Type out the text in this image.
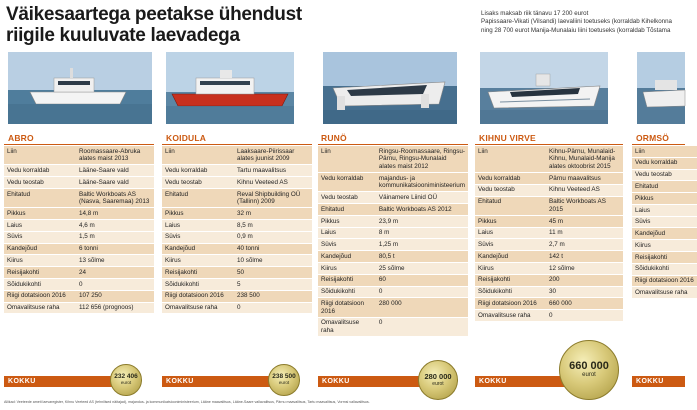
Väikesaartega peetakse ühendust
riigile kuuluvate laevadega
Lisaks maksab riik tänavu 17 200 eurot
Papissaare-Vikati (Vilsandi) laevaliini toetuseks (korraldab Kihelkonna
ning 28 700 eurot Manija-Munalaiu liini toetuseks (korraldab Tõstama
ABRO
Liin	Roomassaare-Abruka alates maist 2013
Vedu korraldab	Lääne-Saare vald
Vedu teostab	Lääne-Saare vald
Ehitatud	Baltic Workboats AS (Nasva, Saaremaa) 2013
Pikkus	14,8 m
Laius	4,6 m
Süvis	1,5 m
Kandejõud	6 tonni
Kiirus	13 sõlme
Reisijakohti	24
Sõidukikohti	0
Riigi dotatsioon 2016	107 250
Omavalitsuse raha	112 656 (prognoos)
KOKKU
232 406
eurot
KOIDULA
Liin	Laaksaare-Piirissaar alates juunist 2009
Vedu korraldab	Tartu maavalitsus
Vedu teostab	Kihnu Veeteed AS
Ehitatud	Reval Shipbuilding OÜ (Tallinn) 2009
Pikkus	32 m
Laius	8,5 m
Süvis	0,9 m
Kandejõud	40 tonni
Kiirus	10 sõlme
Reisijakohti	50
Sõidukikohti	5
Riigi dotatsioon 2016	238 500
Omavalitsuse raha	0
KOKKU
238 500
eurot
RUNÖ
Liin	Ringsu-Roomassaare, Ringsu-Pärnu, Ringsu-Munalaid alates maist 2012
Vedu korraldab	majandus- ja kommunikatsiooniministeerium
Vedu teostab	Väinamere Liinid OÜ
Ehitatud	Baltic Workboats AS 2012
Pikkus	23,9 m
Laius	8 m
Süvis	1,25 m
Kandejõud	80,5 t
Kiirus	25 sõlme
Reisijakohti	60
Sõidukikohti	0
Riigi dotatsioon 2016	280 000
Omavalitsuse raha	0
KOKKU	280 000
eurot
KIHNU VIRVE
Liin	Kihnu-Pärnu, Munalaid-Kihnu, Munalaid-Manija alates oktoobrist 2015
Vedu korraldab	Pärnu maavalitsus
Vedu teostab	Kihnu Veeteed AS
Ehitatud	Baltic Workboats AS 2015
Pikkus	45 m
Laius	11 m
Süvis	2,7 m
Kandejõud	142 t
Kiirus	12 sõlme
Reisijakohti	200
Sõidukikohti	30
Riigi dotatsioon 2016	660 000
Omavalitsuse raha	0
KOKKU
660 000
eurot
ORMSÖ
Liin
Vedu korraldab
Vedu teostab
Ehitatud
Pikkus
Laius
Süvis
Kandejõud
Kiirus
Reisijakohti
Sõidukikohti
Riigi dotatsioon 2016
Omavalitsuse raha
KOKKU
Allikad: Veeteede ameti laevaregister, Kihnu Veeteed AS (tehnilised näitajad), majandus- ja kommunikatsiooniministeerium, Lääne maavalitsus, Lääne-Saare vallavalitsus, Pärnu maavalitsus, Tartu maavalitsus, Vormsi vallavalitsus.
